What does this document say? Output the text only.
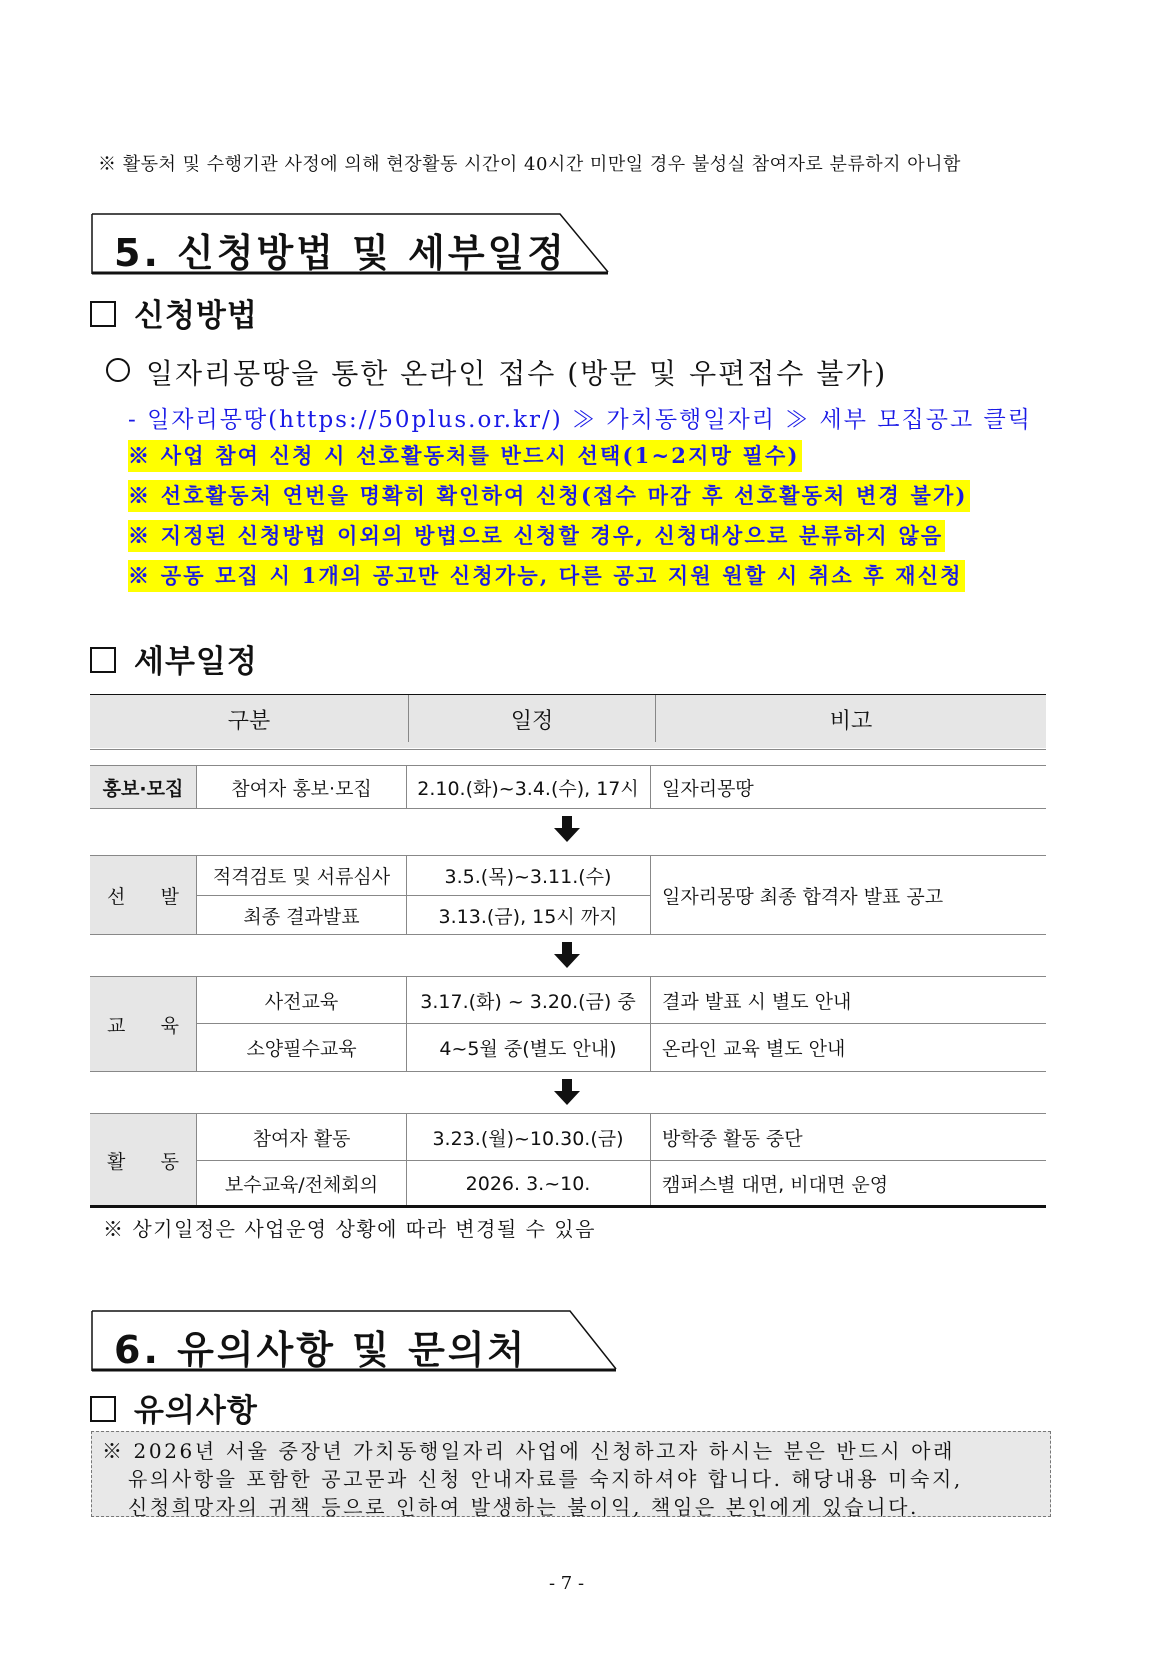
※ 활동처 및 수행기관 사정에 의해 현장활동 시간이 40시간 미만일 경우 불성실 참여자로 분류하지 아니함
5. 신청방법 및 세부일정
신청방법
일자리몽땅을 통한 온라인 접수 (방문 및 우편접수 불가)
- 일자리몽땅(https://50plus.or.kr/) ≫ 가치동행일자리 ≫ 세부 모집공고 클릭
※ 사업 참여 신청 시 선호활동처를 반드시 선택(1~2지망 필수)
※ 선호활동처 연번을 명확히 확인하여 신청(접수 마감 후 선호활동처 변경 불가)
※ 지정된 신청방법 이외의 방법으로 신청할 경우, 신청대상으로 분류하지 않음
※ 공동 모집 시 1개의 공고만 신청가능, 다른 공고 지원 원할 시 취소 후 재신청
세부일정
구분	일정	비고
홍보·모집	참여자 홍보·모집	2.10.(화)~3.4.(수), 17시	일자리몽땅
선 발
적격검토 및 서류심사	3.5.(목)~3.11.(수)
최종 결과발표	3.13.(금), 15시 까지
일자리몽땅 최종 합격자 발표 공고
교 육
사전교육	3.17.(화) ~ 3.20.(금) 중	결과 발표 시 별도 안내
소양필수교육	4~5월 중(별도 안내)	온라인 교육 별도 안내
활 동
참여자 활동	3.23.(월)~10.30.(금)	방학중 활동 중단
보수교육/전체회의	2026. 3.~10.	캠퍼스별 대면, 비대면 운영
※ 상기일정은 사업운영 상황에 따라 변경될 수 있음
6. 유의사항 및 문의처
유의사항
※ 2026년 서울 중장년 가치동행일자리 사업에 신청하고자 하시는 분은 반드시 아래
유의사항을 포함한 공고문과 신청 안내자료를 숙지하셔야 합니다. 해당내용 미숙지,
신청희망자의 귀책 등으로 인하여 발생하는 불이익, 책임은 본인에게 있습니다.
- 7 -
